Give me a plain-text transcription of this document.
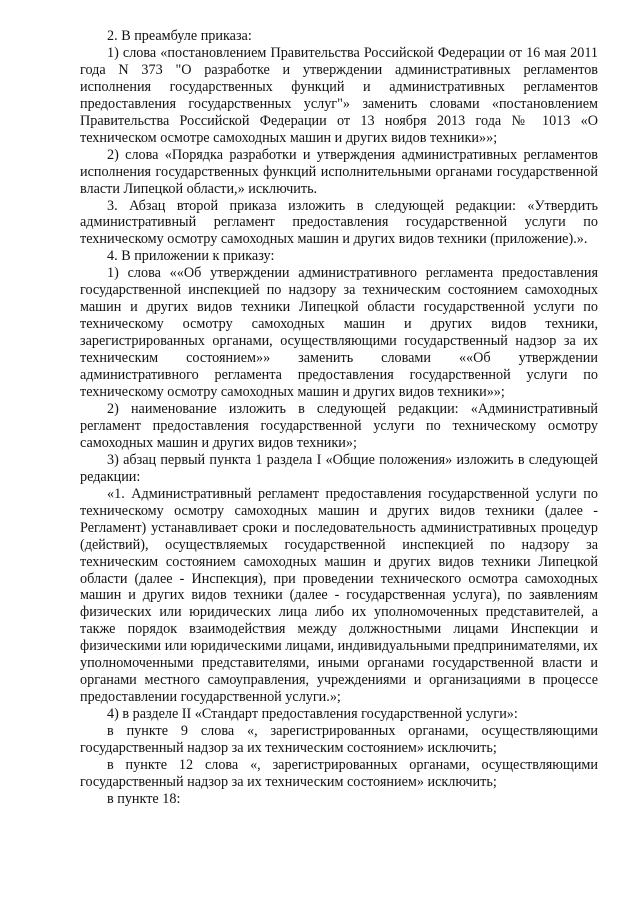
2. В преамбуле приказа:

1) слова «постановлением Правительства Российской Федерации от 16 мая 2011 года N 373 "О разработке и утверждении административных регламентов исполнения государственных функций и административных регламентов предоставления государственных услуг"» заменить словами «постановлением Правительства Российской Федерации от 13 ноября 2013 года № 1013 «О техническом осмотре самоходных машин и других видов техники»»;

2) слова «Порядка разработки и утверждения административных регламентов исполнения государственных функций исполнительными органами государственной власти Липецкой области,» исключить.

3. Абзац второй приказа изложить в следующей редакции: «Утвердить административный регламент предоставления государственной услуги по техническому осмотру самоходных машин и других видов техники (приложение).».

4. В приложении к приказу:

1) слова ««Об утверждении административного регламента предоставления государственной инспекцией по надзору за техническим состоянием самоходных машин и других видов техники Липецкой области государственной услуги по техническому осмотру самоходных машин и других видов техники, зарегистрированных органами, осуществляющими государственный надзор за их техническим состоянием»» заменить словами ««Об утверждении административного регламента предоставления государственной услуги по техническому осмотру самоходных машин и других видов техники»»;

2) наименование изложить в следующей редакции: «Административный регламент предоставления государственной услуги по техническому осмотру самоходных машин и других видов техники»;

3) абзац первый пункта 1 раздела I «Общие положения» изложить в следующей редакции:

«1. Административный регламент предоставления государственной услуги по техническому осмотру самоходных машин и других видов техники (далее - Регламент) устанавливает сроки и последовательность административных процедур (действий), осуществляемых государственной инспекцией по надзору за техническим состоянием самоходных машин и других видов техники Липецкой области (далее - Инспекция), при проведении технического осмотра самоходных машин и других видов техники (далее - государственная услуга), по заявлениям физических или юридических лица либо их уполномоченных представителей, а также порядок взаимодействия между должностными лицами Инспекции и физическими или юридическими лицами, индивидуальными предпринимателями, их уполномоченными представителями, иными органами государственной власти и органами местного самоуправления, учреждениями и организациями в процессе предоставлении государственной услуги.»;

4) в разделе II «Стандарт предоставления государственной услуги»:

в пункте 9 слова «, зарегистрированных органами, осуществляющими государственный надзор за их техническим состоянием» исключить;

в пункте 12 слова «, зарегистрированных органами, осуществляющими государственный надзор за их техническим состоянием» исключить;

в пункте 18:
